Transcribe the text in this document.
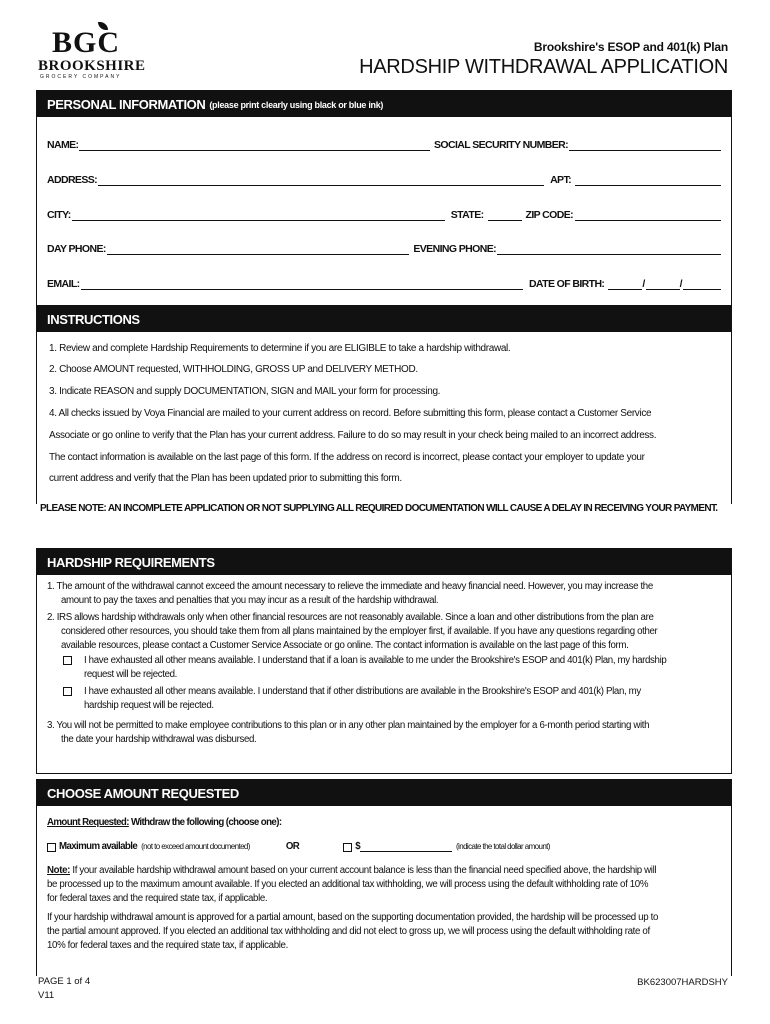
BGC
BROOKSHIRE
GROCERY COMPANY
Brookshire's ESOP and 401(k) Plan
HARDSHIP WITHDRAWAL APPLICATION
PERSONAL INFORMATION (please print clearly using black or blue ink)
NAME:	SOCIAL SECURITY NUMBER:
ADDRESS:	APT:
CITY:	STATE:	ZIP CODE:
DAY PHONE:	EVENING PHONE:
EMAIL:	DATE OF BIRTH:	/	/
INSTRUCTIONS

1. Review and complete Hardship Requirements to determine if you are ELIGIBLE to take a hardship withdrawal.

2. Choose AMOUNT requested, WITHHOLDING, GROSS UP and DELIVERY METHOD.

3. Indicate REASON and supply DOCUMENTATION, SIGN and MAIL your form for processing.

4. All checks issued by Voya Financial are mailed to your current address on record. Before submitting this form, please contact a Customer Service

Associate or go online to verify that the Plan has your current address. Failure to do so may result in your check being mailed to an incorrect address.

The contact information is available on the last page of this form. If the address on record is incorrect, please contact your employer to update your

current address and verify that the Plan has been updated prior to submitting this form.

PLEASE NOTE: AN INCOMPLETE APPLICATION OR NOT SUPPLYING ALL REQUIRED DOCUMENTATION WILL CAUSE A DELAY IN RECEIVING YOUR PAYMENT.
HARDSHIP REQUIREMENTS
1. The amount of the withdrawal cannot exceed the amount necessary to relieve the immediate and heavy financial need. However, you may increase the
amount to pay the taxes and penalties that you may incur as a result of the hardship withdrawal.
2. IRS allows hardship withdrawals only when other financial resources are not reasonably available. Since a loan and other distributions from the plan are
considered other resources, you should take them from all plans maintained by the employer first, if available. If you have any questions regarding other
available resources, please contact a Customer Service Associate or go online. The contact information is available on the last page of this form.
I have exhausted all other means available. I understand that if a loan is available to me under the Brookshire's ESOP and 401(k) Plan, my hardship
request will be rejected.
I have exhausted all other means available. I understand that if other distributions are available in the Brookshire's ESOP and 401(k) Plan, my
hardship request will be rejected.
3. You will not be permitted to make employee contributions to this plan or in any other plan maintained by the employer for a 6-month period starting with
the date your hardship withdrawal was disbursed.
CHOOSE AMOUNT REQUESTED
Amount Requested: Withdraw the following (choose one):
Maximum available (not to exceed amount documented)	OR	$	(indicate the total dollar amount)
Note: If your available hardship withdrawal amount based on your current account balance is less than the financial need specified above, the hardship will
be processed up to the maximum amount available. If you elected an additional tax withholding, we will process using the default withholding rate of 10%
for federal taxes and the required state tax, if applicable.
If your hardship withdrawal amount is approved for a partial amount, based on the supporting documentation provided, the hardship will be processed up to
the partial amount approved. If you elected an additional tax withholding and did not elect to gross up, we will process using the default withholding rate of
10% for federal taxes and the required state tax, if applicable.
PAGE 1 of 4
V11
BK623007HARDSHY
